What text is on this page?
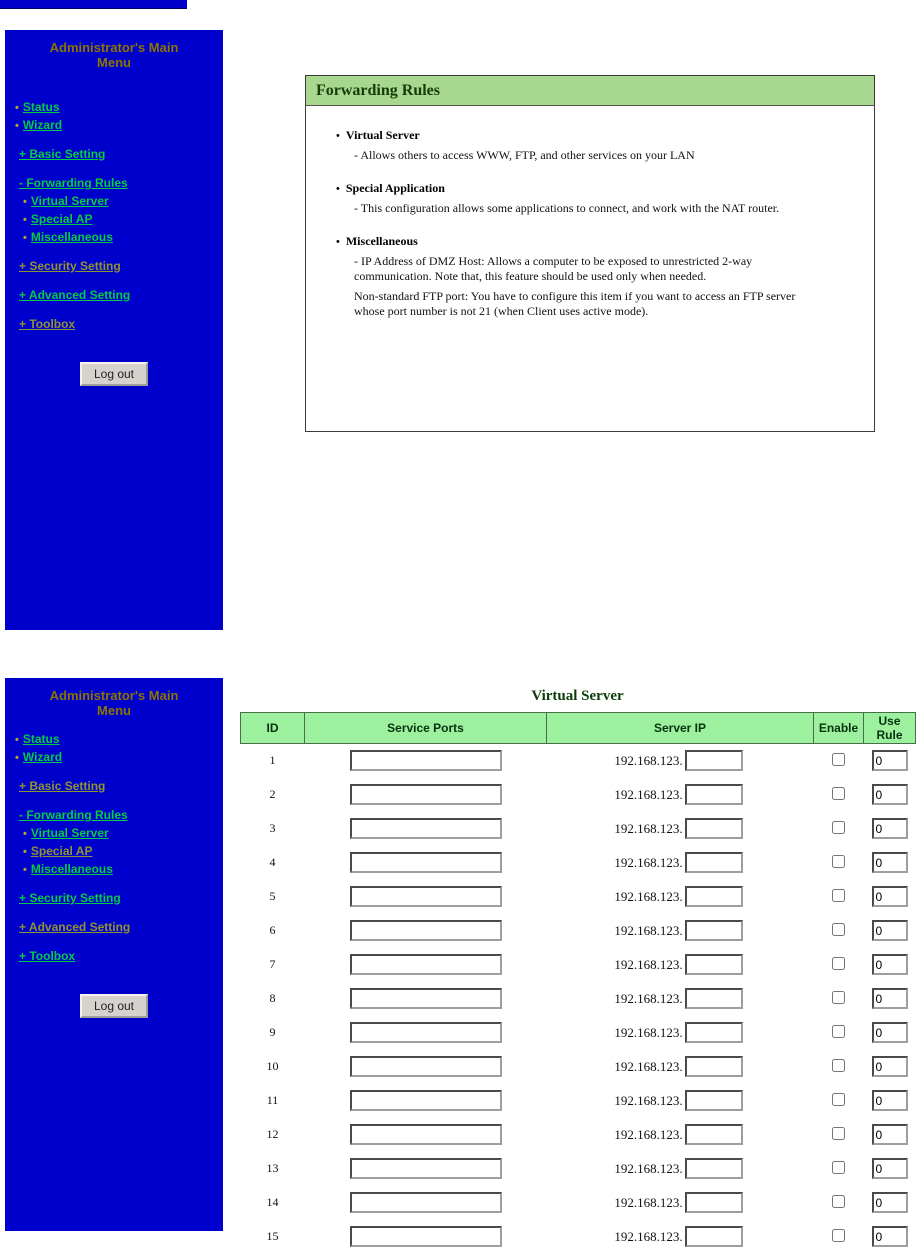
Administrator's Main Menu
• Status
• Wizard
+ Basic Setting
- Forwarding Rules
• Virtual Server
• Special AP
• Miscellaneous
+ Security Setting
+ Advanced Setting
+ Toolbox
Log out
Forwarding Rules
• Virtual Server
- Allows others to access WWW, FTP, and other services on your LAN
• Special Application
- This configuration allows some applications to connect, and work with the NAT router.
• Miscellaneous
- IP Address of DMZ Host: Allows a computer to be exposed to unrestricted 2-way communication. Note that, this feature should be used only when needed.
Non-standard FTP port: You have to configure this item if you want to access an FTP server whose port number is not 21 (when Client uses active mode).
Administrator's Main Menu
• Status
• Wizard
+ Basic Setting
- Forwarding Rules
• Virtual Server
• Special AP
• Miscellaneous
+ Security Setting
+ Advanced Setting
+ Toolbox
Log out
Virtual Server
ID	Service Ports	Server IP	Enable	Use Rule
1		192.168.123.		0
2		192.168.123.		0
3		192.168.123.		0
4		192.168.123.		0
5		192.168.123.		0
6		192.168.123.		0
7		192.168.123.		0
8		192.168.123.		0
9		192.168.123.		0
10		192.168.123.		0
11		192.168.123.		0
12		192.168.123.		0
13		192.168.123.		0
14		192.168.123.		0
15		192.168.123.		0
